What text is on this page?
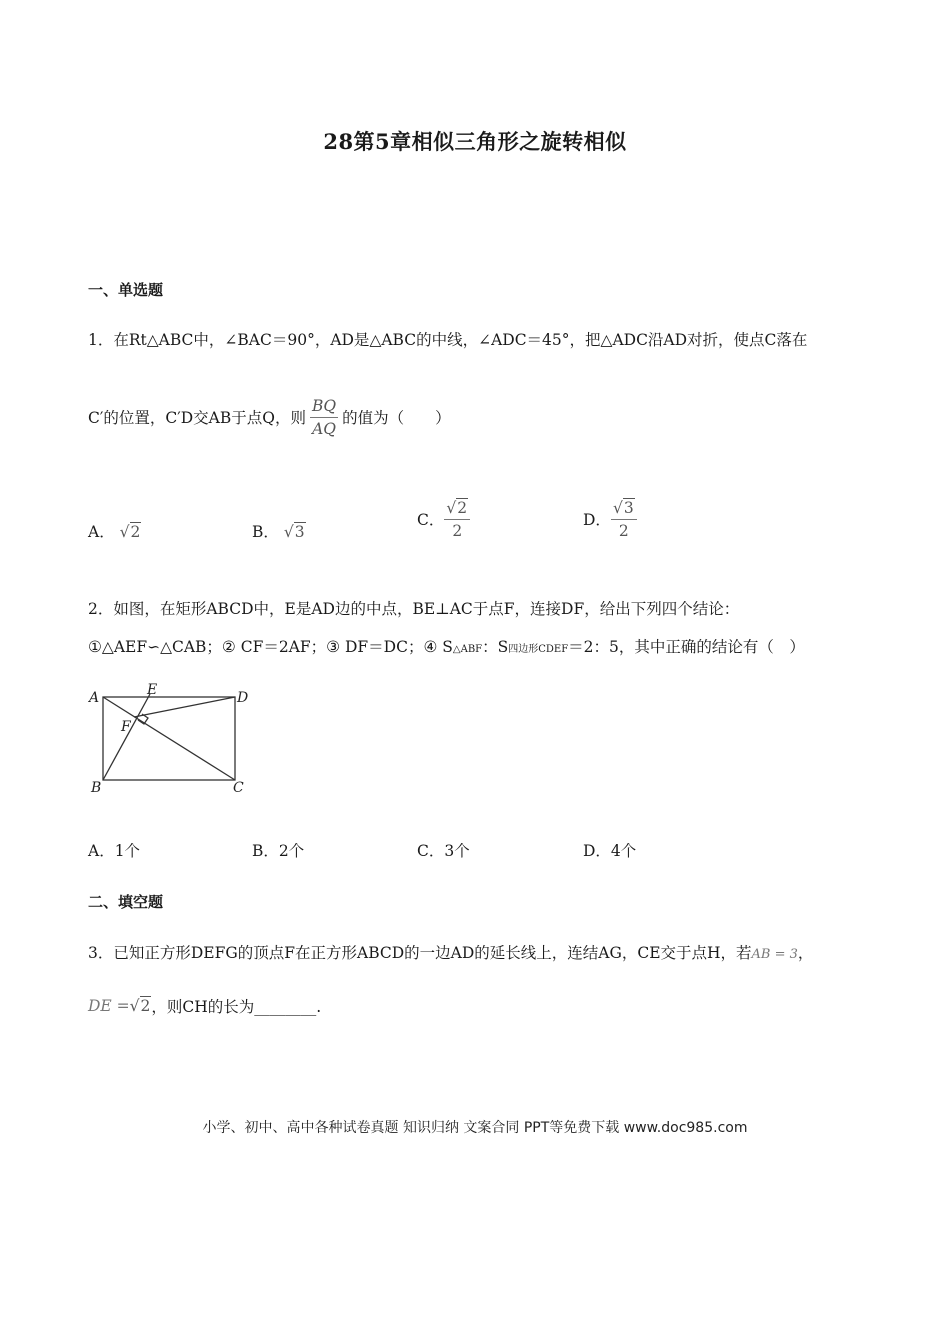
28第5章相似三角形之旋转相似
一、单选题
1．在Rt△ABC中，∠BAC＝90°，AD是△ABC的中线，∠ADC＝45°，把△ADC沿AD对折，使点C落在
C′的位置，C′D交AB于点Q，则 $\frac{BQ}{AQ}$ 的值为（　　）
A． √2	B． √3
C． $\frac{√2}{2}$	D． $\frac{√3}{2}$
2．如图，在矩形ABCD中，E是AD边的中点，BE⊥AC于点F，连接DF，给出下列四个结论：
①△AEF∽△CAB；② CF＝2AF；③ DF＝DC；④ S△ABF：S四边形CDEF＝2：5，其中正确的结论有（　）
A	E	D
F
B	C
A．1个	B．2个	C．3个	D．4个
二、填空题
3．已知正方形DEFG的顶点F在正方形ABCD的一边AD的延长线上，连结AG，CE交于点H，若AB = 3，
DE = √2 ，则CH的长为________.
小学、初中、高中各种试卷真题 知识归纳 文案合同 PPT等免费下载 www.doc985.com
